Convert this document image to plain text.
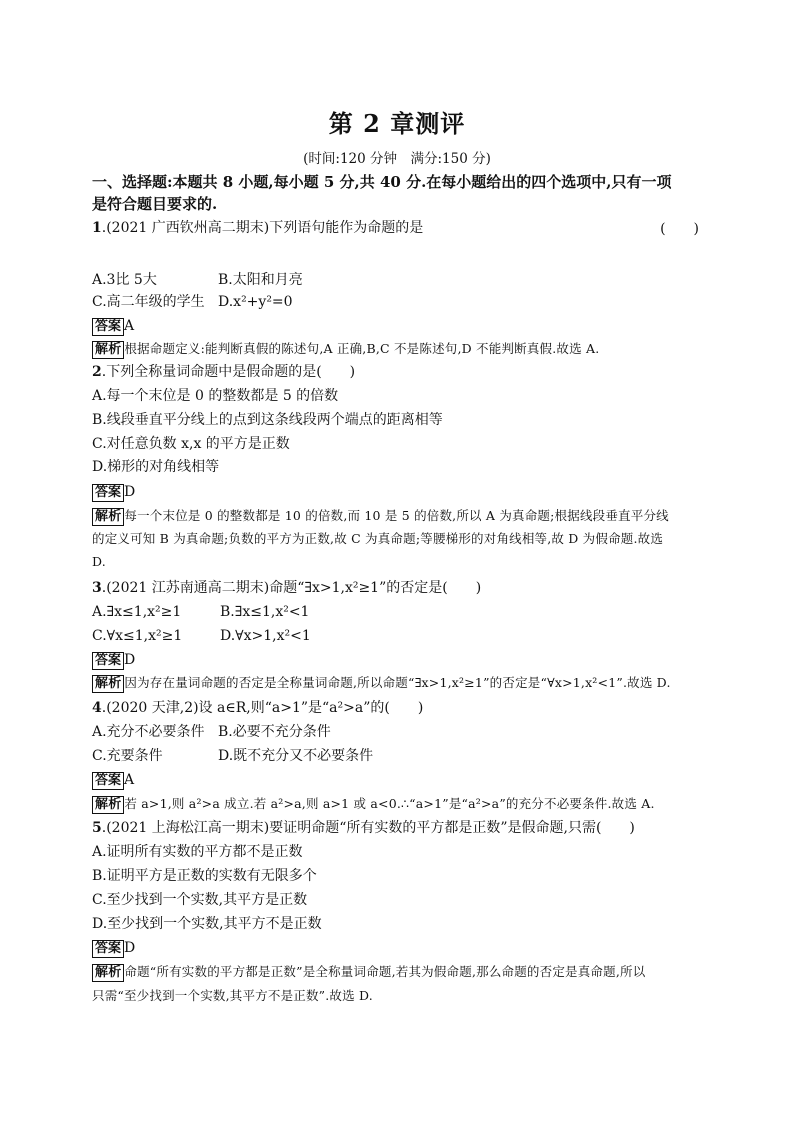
第 2 章测评
(时间:120 分钟　满分:150 分)
一、选择题:本题共 8 小题,每小题 5 分,共 40 分.在每小题给出的四个选项中,只有一项
是符合题目要求的.
1.(2021 广西钦州高二期末)下列语句能作为命题的是	(　　)
A.3比 5大	B.太阳和月亮
C.高二年级的学生 D.x²+y²=0
答案 A
解析 根据命题定义:能判断真假的陈述句,A 正确,B,C 不是陈述句,D 不能判断真假.故选 A.
2.下列全称量词命题中是假命题的是(　　)
A.每一个末位是 0 的整数都是 5 的倍数
B.线段垂直平分线上的点到这条线段两个端点的距离相等
C.对任意负数 x,x 的平方是正数
D.梯形的对角线相等
答案 D
解析 每一个末位是 0 的整数都是 10 的倍数,而 10 是 5 的倍数,所以 A 为真命题;根据线段垂直平分线
的定义可知 B 为真命题;负数的平方为正数,故 C 为真命题;等腰梯形的对角线相等,故 D 为假命题.故选
D.
3.(2021 江苏南通高二期末)命题“∃x>1,x²≥1”的否定是(　　)
A.∃x≤1,x²≥1	B.∃x≤1,x²<1
C.∀x≤1,x²≥1	D.∀x>1,x²<1
答案 D
解析 因为存在量词命题的否定是全称量词命题,所以命题“∃x>1,x²≥1”的否定是“∀x>1,x²<1”.故选 D.
4.(2020 天津,2)设 a∈R,则“a>1”是“a²>a”的(　　)
A.充分不必要条件 B.必要不充分条件
C.充要条件	D.既不充分又不必要条件
答案 A
解析 若 a>1,则 a²>a 成立.若 a²>a,则 a>1 或 a<0.∴“a>1”是“a²>a”的充分不必要条件.故选 A.
5.(2021 上海松江高一期末)要证明命题“所有实数的平方都是正数”是假命题,只需(　　)
A.证明所有实数的平方都不是正数
B.证明平方是正数的实数有无限多个
C.至少找到一个实数,其平方是正数
D.至少找到一个实数,其平方不是正数
答案 D
解析 命题“所有实数的平方都是正数”是全称量词命题,若其为假命题,那么命题的否定是真命题,所以
只需“至少找到一个实数,其平方不是正数”.故选 D.
